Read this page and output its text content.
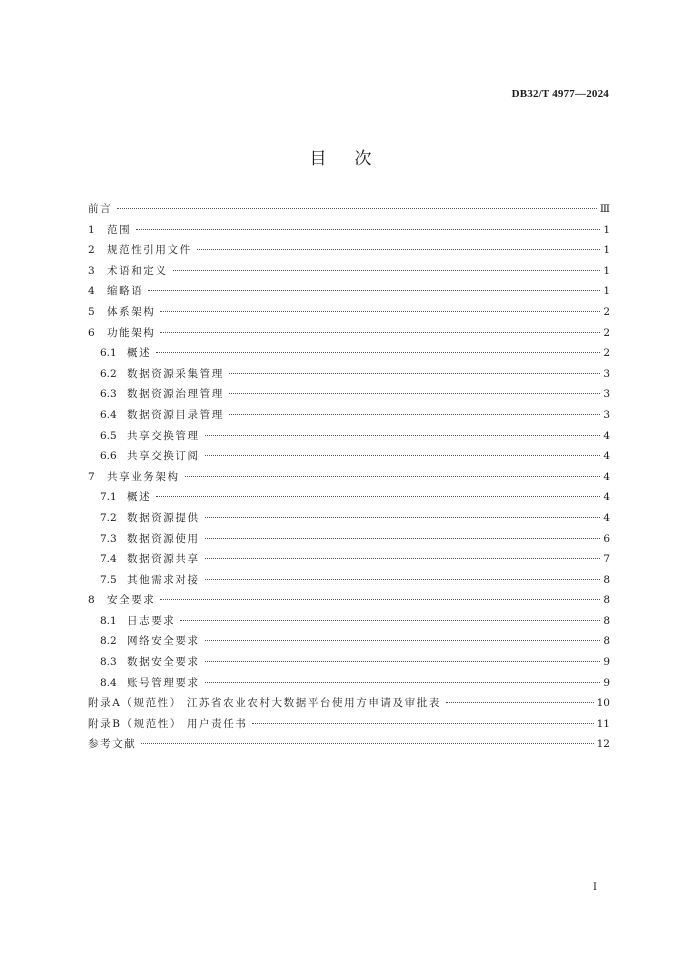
DB32/T 4977—2024
目次
前言	Ⅲ
1	范围	1
2	规范性引用文件	1
3	术语和定义	1
4	缩略语	1
5	体系架构	2
6	功能架构	2
6.1 概述	2
6.2 数据资源采集管理	3
6.3 数据资源治理管理	3
6.4 数据资源目录管理	3
6.5 共享交换管理	4
6.6 共享交换订阅	4
7	共享业务架构	4
7.1 概述	4
7.2 数据资源提供	4
7.3 数据资源使用	6
7.4 数据资源共享	7
7.5 其他需求对接	8
8	安全要求	8
8.1 日志要求	8
8.2 网络安全要求	8
8.3 数据安全要求	9
8.4 账号管理要求	9
附录A（规范性） 江苏省农业农村大数据平台使用方申请及审批表	10
附录B（规范性） 用户责任书	11
参考文献	12
Ⅰ
